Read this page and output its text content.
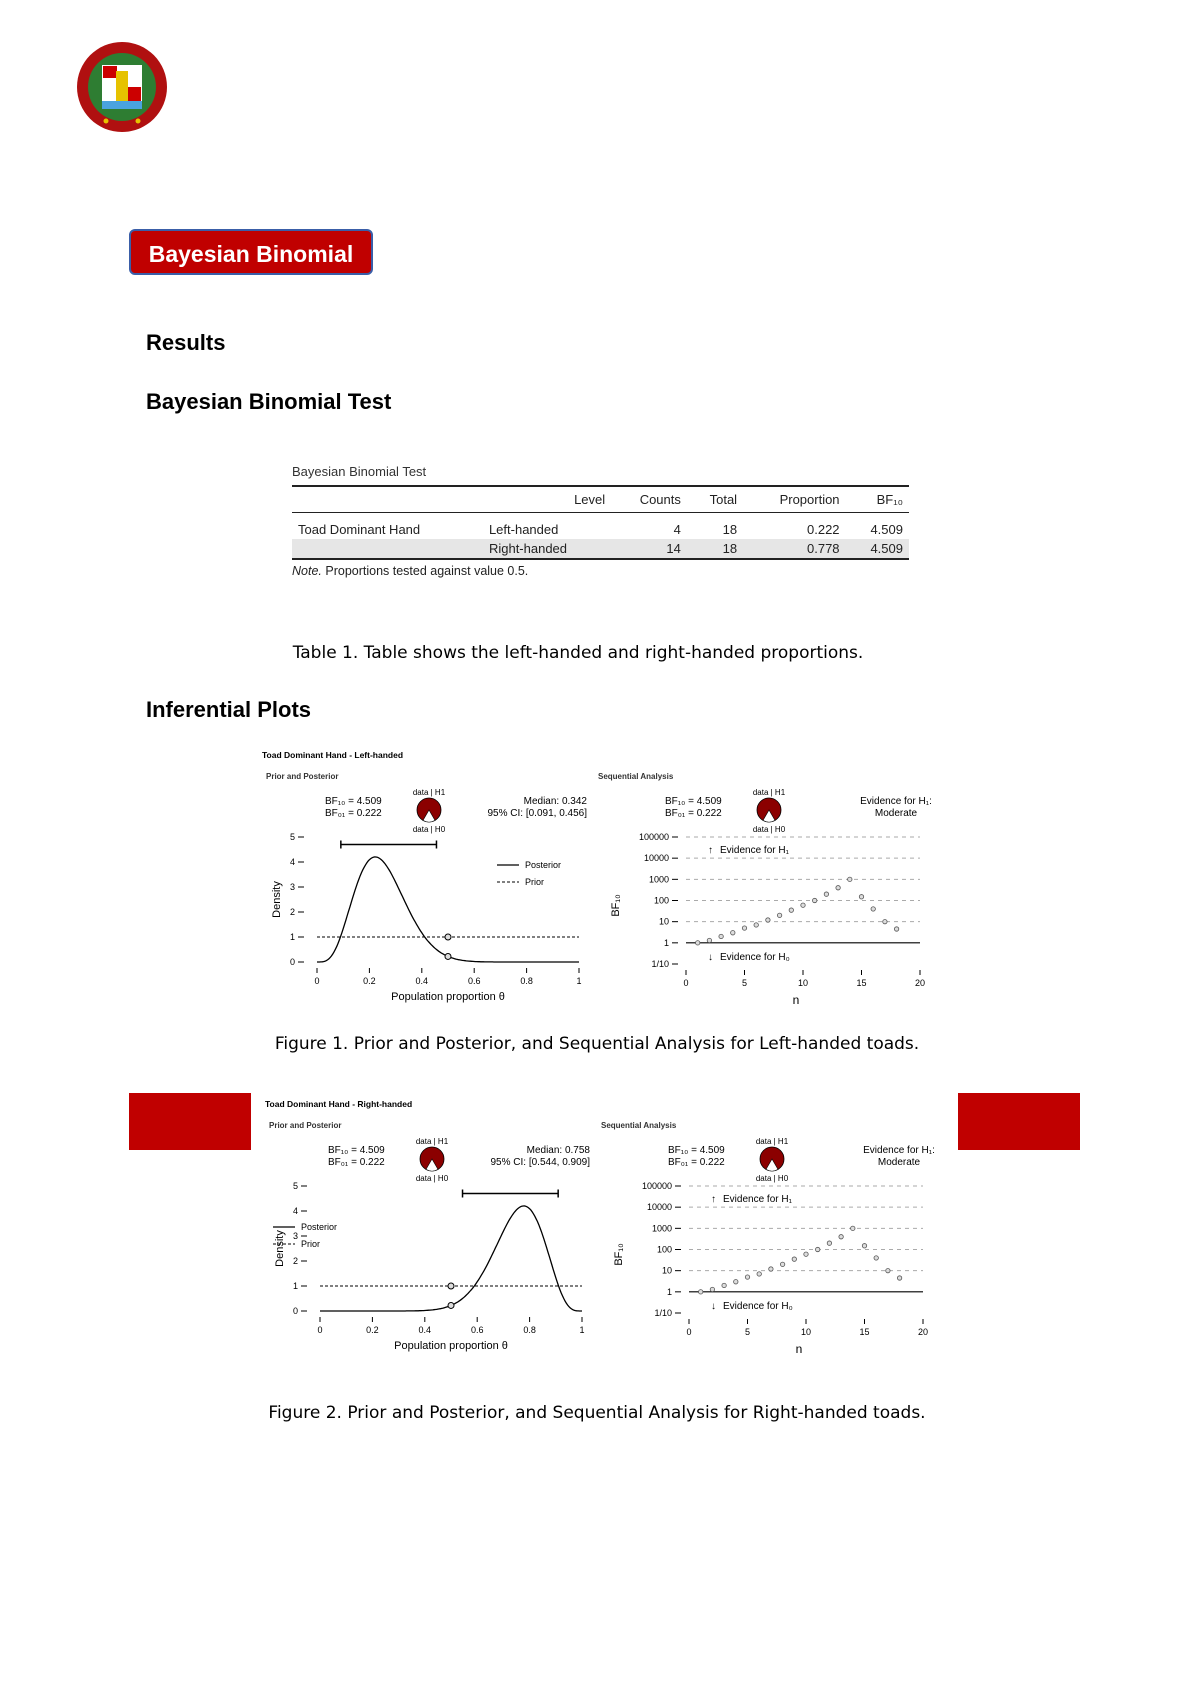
Bayesian Binomial
Results
Bayesian Binomial Test
Bayesian Binomial Test
	Level	Counts	Total	Proportion	BF₁₀
Toad Dominant Hand	Left-handed	4	18	0.222	4.509
	Right-handed	14	18	0.778	4.509
Note. Proportions tested against value 0.5.
Table 1. Table shows the left-handed and right-handed proportions.
Inferential Plots
Toad Dominant Hand - Left-handed
Prior and Posterior
BF₁₀ = 4.509
BF₀₁ = 0.222
data | H1
data | H0
Median: 0.342
95% CI: [0.091, 0.456]
0
1
2
3
4
5
0	0.2	0.4	0.6	0.8	1
Population proportion θ
Density
Posterior
Prior
Sequential Analysis
BF₁₀ = 4.509
BF₀₁ = 0.222
data | H1
data | H0
Evidence for H₁:
Moderate
1/10
1
10
100
1000
10000
100000
0	5	10	15	20
n
BF₁₀
↑ Evidence for H₁
↓ Evidence for H₀
Figure 1. Prior and Posterior, and Sequential Analysis for Left-handed toads.
Toad Dominant Hand - Right-handed
Prior and Posterior
BF₁₀ = 4.509
BF₀₁ = 0.222
data | H1
data | H0
Median: 0.758
95% CI: [0.544, 0.909]
0
1
2
3
4
5
0	0.2	0.4	0.6	0.8	1
Population proportion θ
Density
Posterior
Prior
Sequential Analysis
BF₁₀ = 4.509
BF₀₁ = 0.222
data | H1
data | H0
Evidence for H₁:
Moderate
1/10
1
10
100
1000
10000
100000
0	5	10	15	20
n
BF₁₀
↑ Evidence for H₁
↓ Evidence for H₀
Figure 2. Prior and Posterior, and Sequential Analysis for Right-handed toads.
